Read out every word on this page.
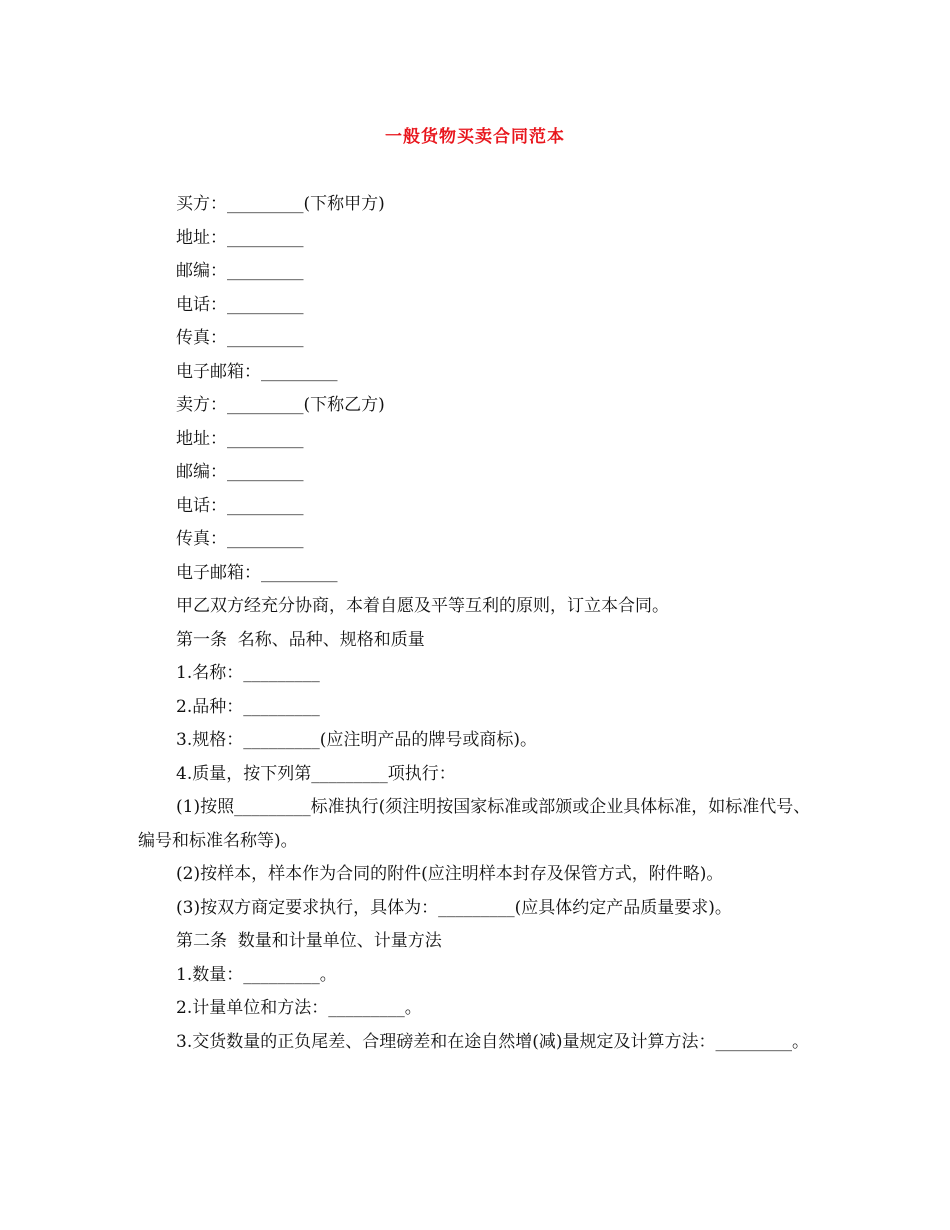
一般货物买卖合同范本

买方：_________(下称甲方)

地址：_________

邮编：_________

电话：_________

传真：_________

电子邮箱：_________

卖方：_________(下称乙方)

地址：_________

邮编：_________

电话：_________

传真：_________

电子邮箱：_________

甲乙双方经充分协商，本着自愿及平等互利的原则，订立本合同。

第一条  名称、品种、规格和质量

1.名称：_________

2.品种：_________

3.规格：_________(应注明产品的牌号或商标)。

4.质量，按下列第_________项执行：

(1)按照_________标准执行(须注明按国家标准或部颁或企业具体标准，如标准代号、编号和标准名称等)。

(2)按样本，样本作为合同的附件(应注明样本封存及保管方式，附件略)。

(3)按双方商定要求执行，具体为：_________(应具体约定产品质量要求)。

第二条  数量和计量单位、计量方法

1.数量：_________。

2.计量单位和方法：_________。

3.交货数量的正负尾差、合理磅差和在途自然增(减)量规定及计算方法：_________。
